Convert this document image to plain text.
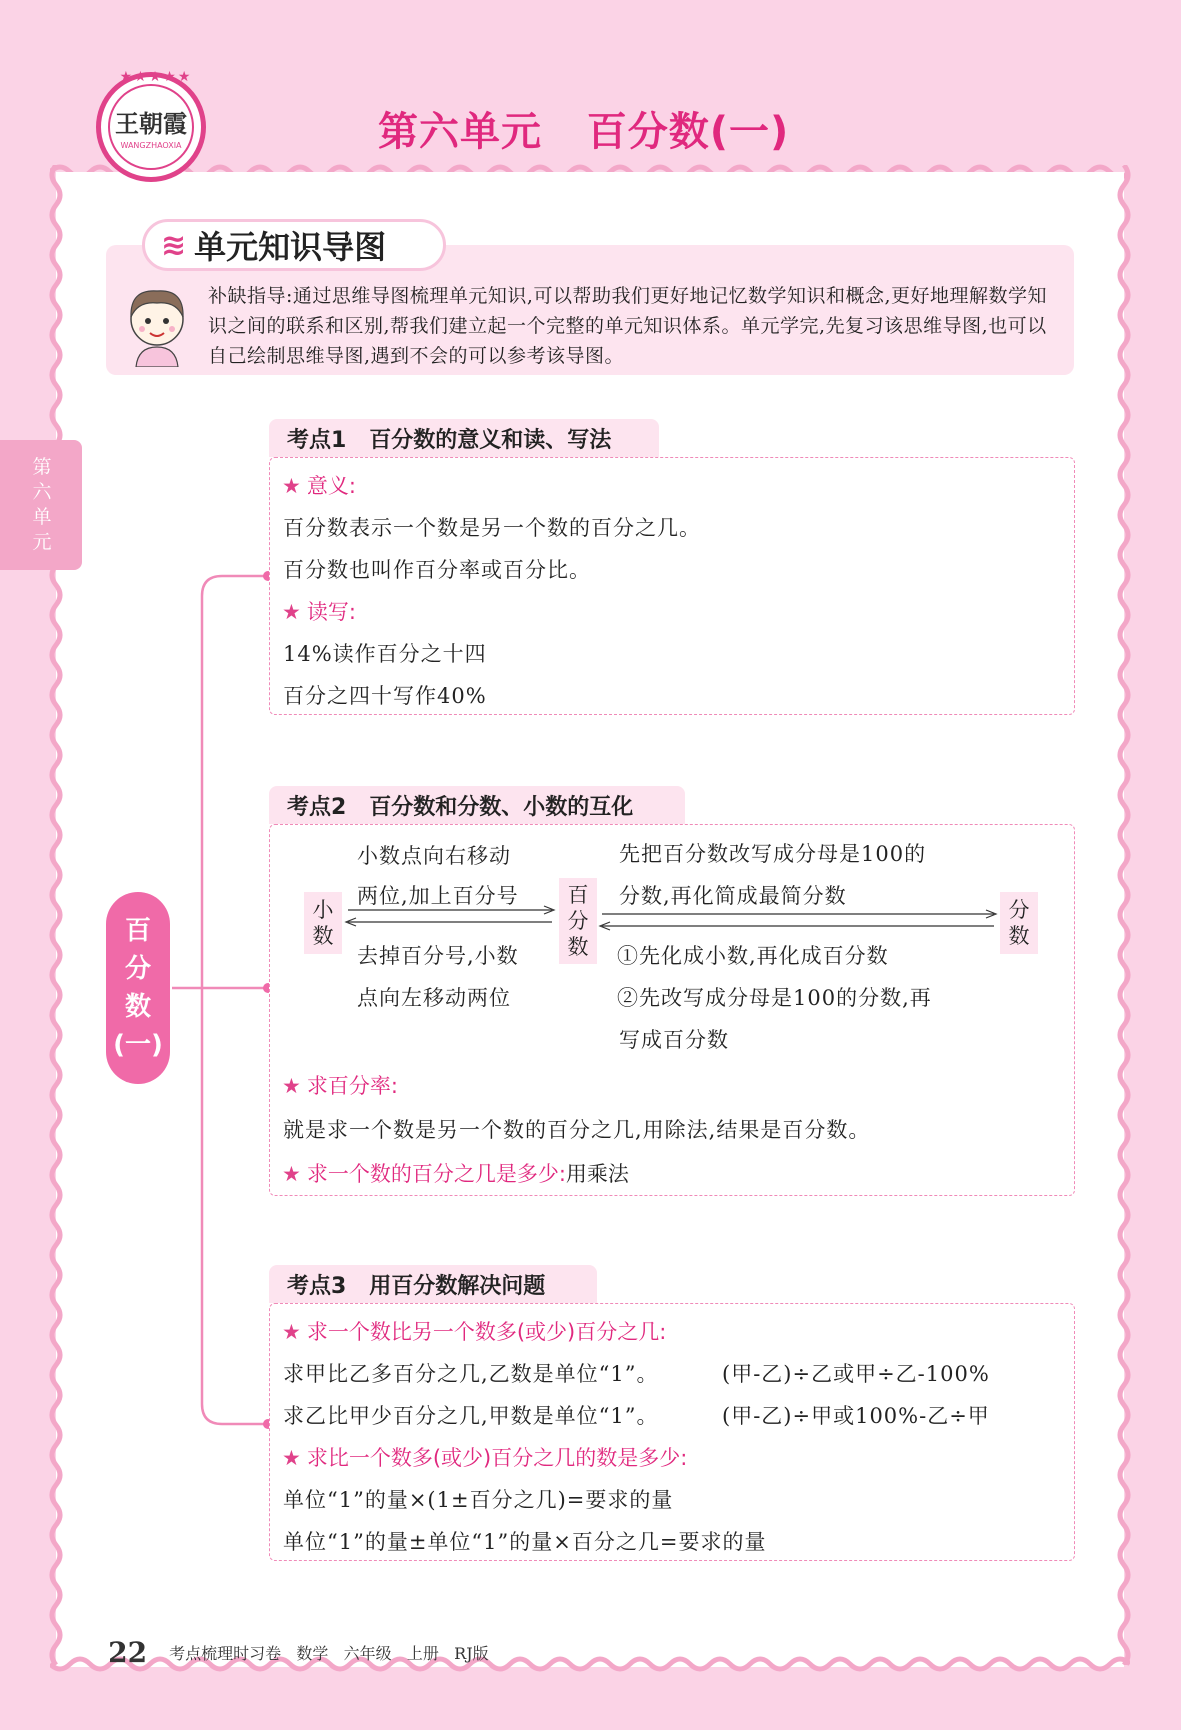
★★★★★
王朝霞
WANGZHAOXIA	第六单元   百分数(一)
第
六
单
元
补缺指导:通过思维导图梳理单元知识,可以帮助我们更好地记忆数学知识和概念,更好地理解数学知识之间的联系和区别,帮我们建立起一个完整的单元知识体系。单元学完,先复习该思维导图,也可以自己绘制思维导图,遇到不会的可以参考该导图。
≋ 单元知识导图
百
分
数
(一)
考点1   百分数的意义和读、写法
★ 意义:
百分数表示一个数是另一个数的百分之几。
百分数也叫作百分率或百分比。
★ 读写:
14%读作百分之十四
百分之四十写作40%
考点2   百分数和分数、小数的互化
小
数
百
分
数
分
数
小数点向右移动
两位,加上百分号
去掉百分号,小数
点向左移动两位
先把百分数改写成分母是100的
分数,再化简成最简分数
①先化成小数,再化成百分数
②先改写成分母是100的分数,再
写成百分数
★ 求百分率:
就是求一个数是另一个数的百分之几,用除法,结果是百分数。
★ 求一个数的百分之几是多少:用乘法
考点3   用百分数解决问题
★ 求一个数比另一个数多(或少)百分之几:
求甲比乙多百分之几,乙数是单位“1”。	(甲-乙)÷乙或甲÷乙-100%
求乙比甲少百分之几,甲数是单位“1”。	(甲-乙)÷甲或100%-乙÷甲
★ 求比一个数多(或少)百分之几的数是多少:
单位“1”的量×(1±百分之几)=要求的量
单位“1”的量±单位“1”的量×百分之几=要求的量

22 考点梳理时习卷   数学   六年级   上册   RJ版
